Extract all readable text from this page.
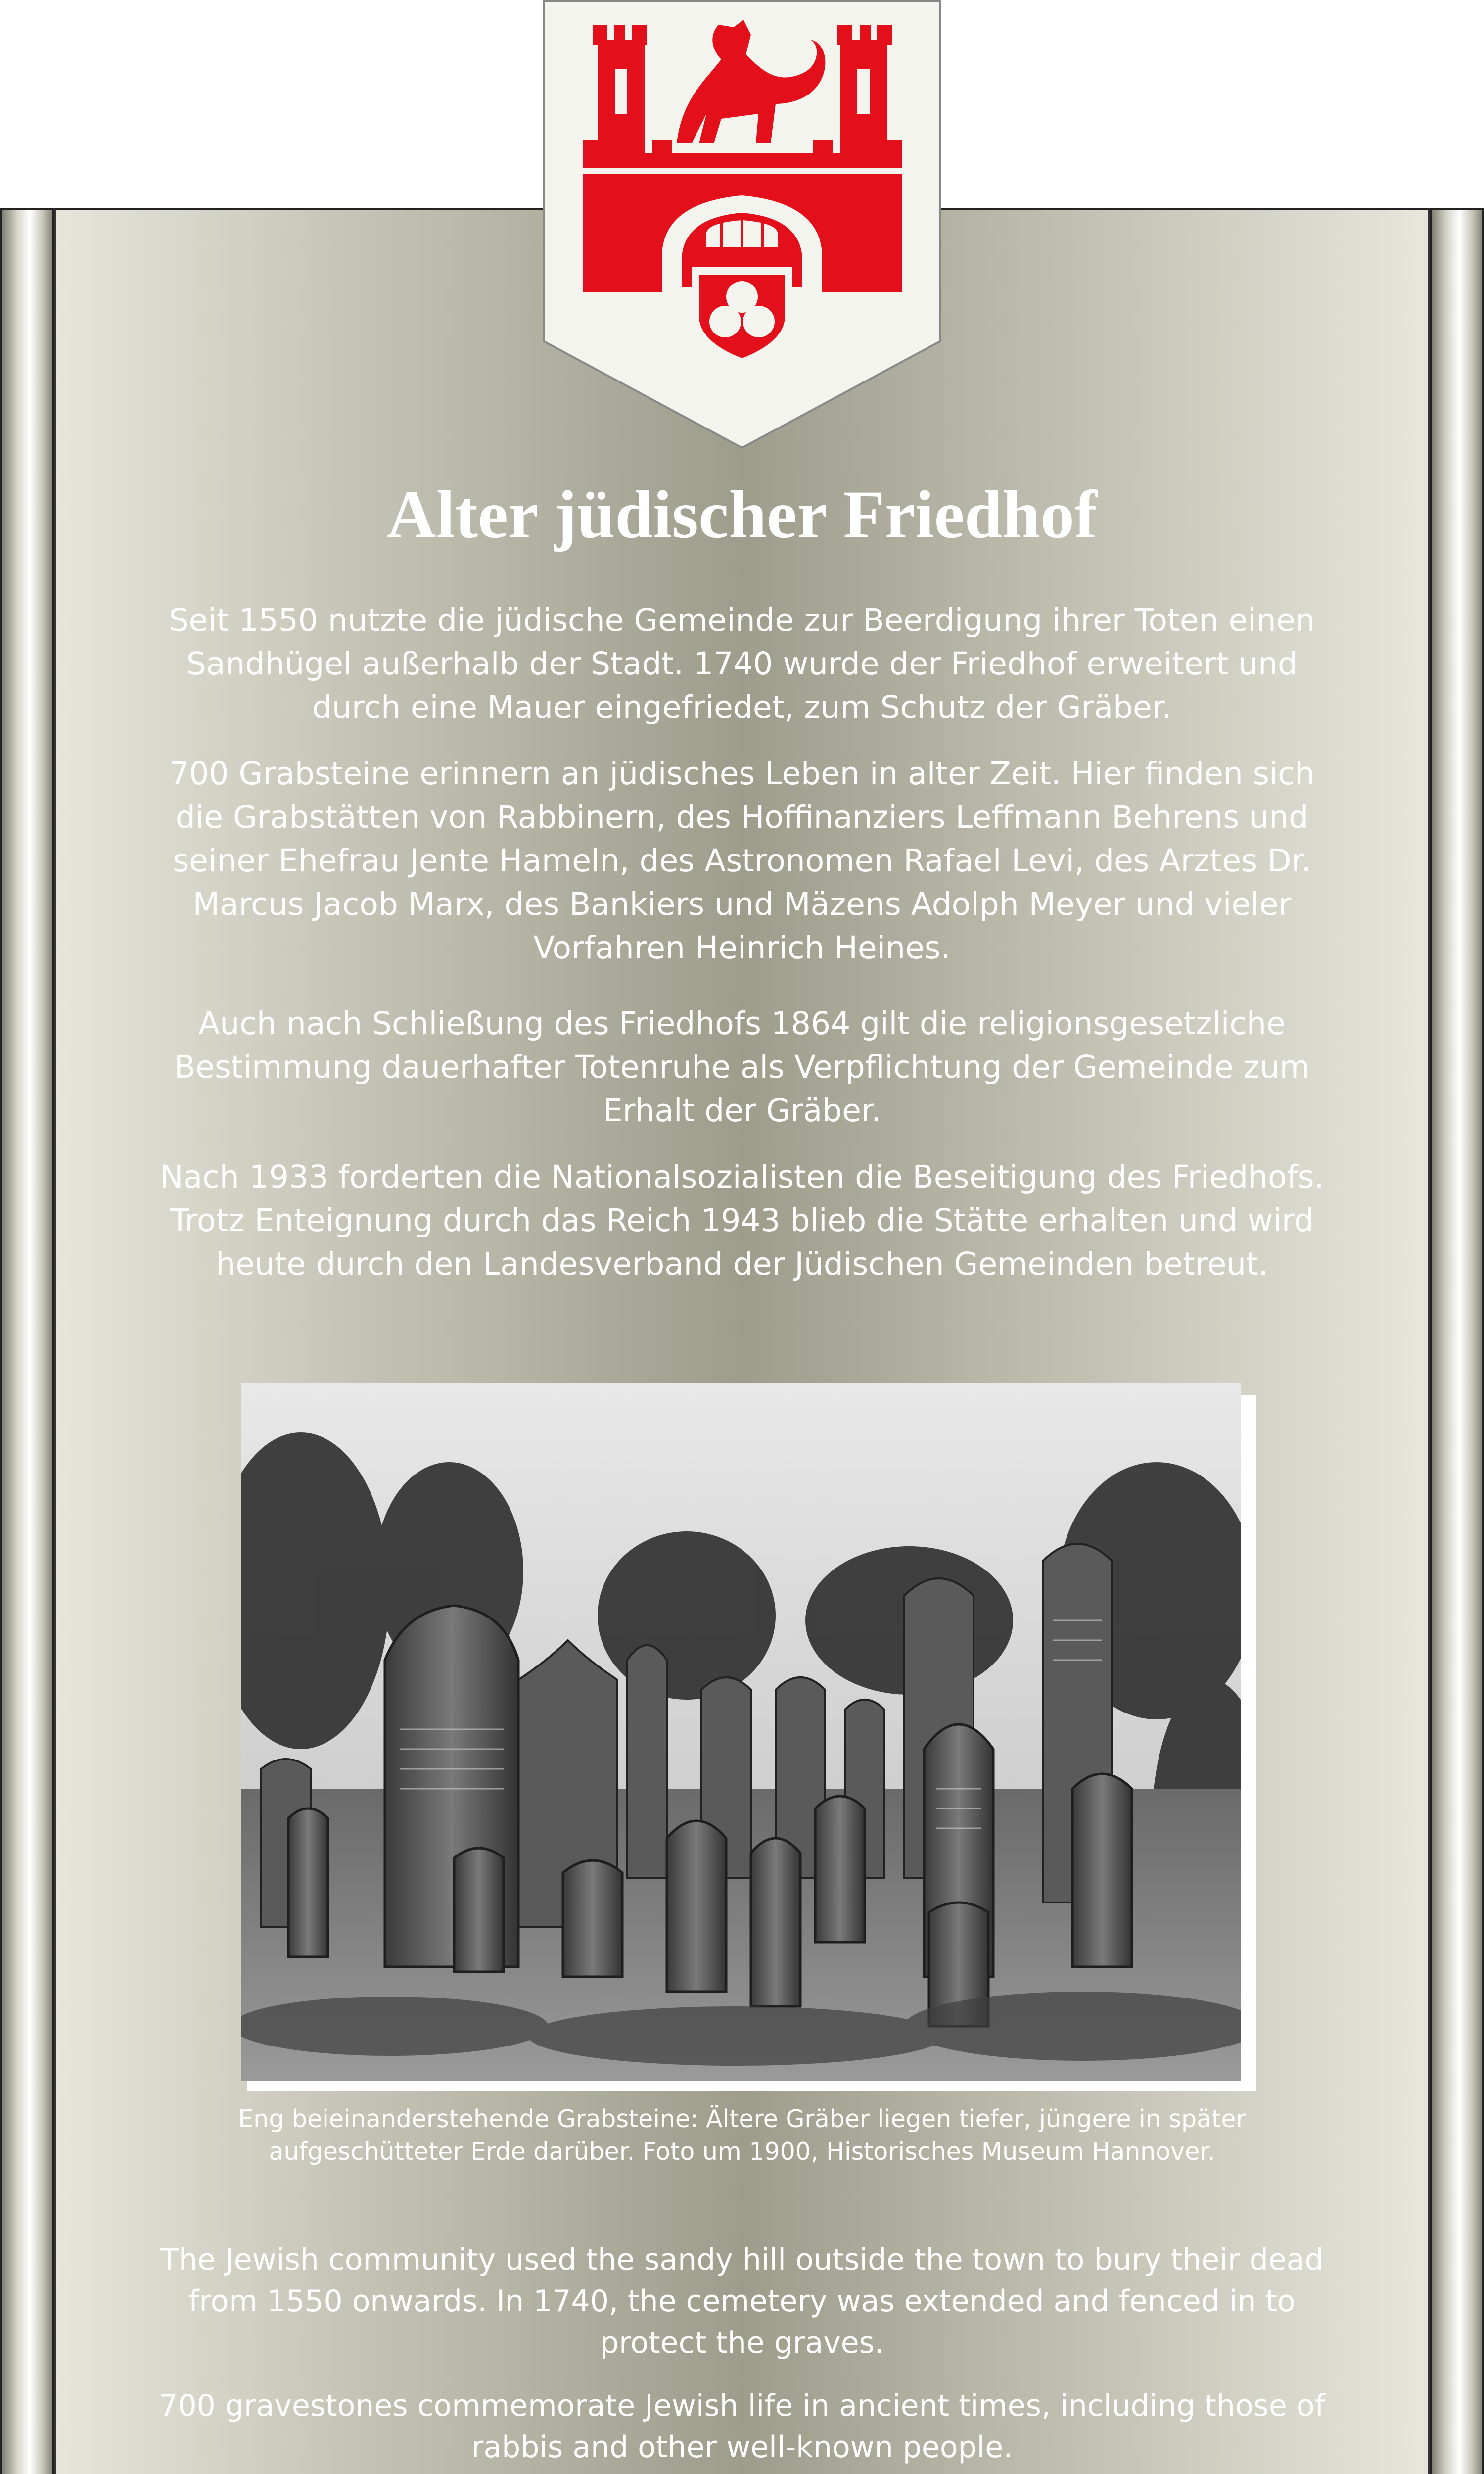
Alter jüdischer Friedhof

Seit 1550 nutzte die jüdische Gemeinde zur Beerdigung ihrer Toten einen Sandhügel außerhalb der Stadt. 1740 wurde der Friedhof erweitert und durch eine Mauer eingefriedet, zum Schutz der Gräber.

700 Grabsteine erinnern an jüdisches Leben in alter Zeit. Hier finden sich die Grabstätten von Rabbinern, des Hoffinanziers Leffmann Behrens und seiner Ehefrau Jente Hameln, des Astronomen Rafael Levi, des Arztes Dr. Marcus Jacob Marx, des Bankiers und Mäzens Adolph Meyer und vieler Vorfahren Heinrich Heines.

Auch nach Schließung des Friedhofs 1864 gilt die religionsgesetzliche Bestimmung dauerhafter Totenruhe als Verpflichtung der Gemeinde zum Erhalt der Gräber.

Nach 1933 forderten die Nationalsozialisten die Beseitigung des Friedhofs. Trotz Enteignung durch das Reich 1943 blieb die Stätte erhalten und wird heute durch den Landesverband der Jüdischen Gemeinden betreut.

Eng beieinanderstehende Grabsteine: Ältere Gräber liegen tiefer, jüngere in später aufgeschütteter Erde darüber. Foto um 1900, Historisches Museum Hannover.

The Jewish community used the sandy hill outside the town to bury their dead from 1550 onwards. In 1740, the cemetery was extended and fenced in to protect the graves.

700 gravestones commemorate Jewish life in ancient times, including those of rabbis and other well-known people.
